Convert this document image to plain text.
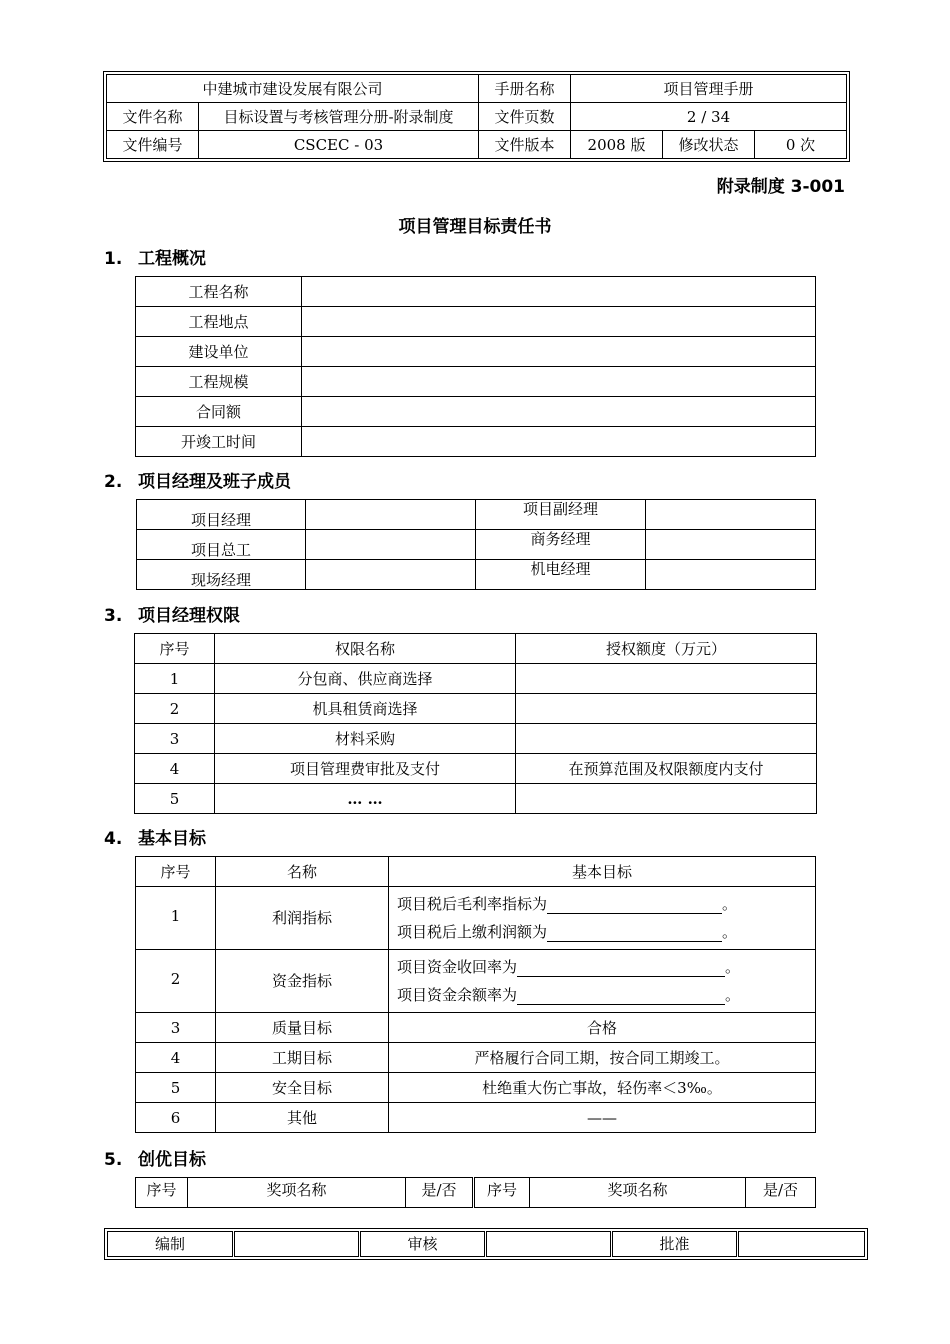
中建城市建设发展有限公司		手册名称	项目管理手册		
文件名称	目标设置与考核管理分册-附录制度	文件页数	2 / 34		
文件编号	CSCEC - 03	文件版本	2008 版	修改状态	0 次
附录制度 3-001
项目管理目标责任书
1. 工程概况
工程名称	
工程地点	
建设单位	
工程规模	
合同额	
开竣工时间	
2. 项目经理及班子成员
项目经理		项目副经理	
项目总工		商务经理	
现场经理		机电经理	
3. 项目经理权限
序号	权限名称	授权额度（万元）
1	分包商、供应商选择	
2	机具租赁商选择	
3	材料采购	
4	项目管理费审批及支付	在预算范围及权限额度内支付
5	… …	
4. 基本目标
序号	名称	基本目标
1	利润指标	项目税后毛利率指标为 。
项目税后上缴利润额为 。

2	资金指标	项目资金收回率为 。
项目资金余额率为 。

3	质量目标	合格
4	工期目标	严格履行合同工期，按合同工期竣工。
5	安全目标	杜绝重大伤亡事故，轻伤率＜3‰。
6	其他	——
5. 创优目标
序号	奖项名称	是/否	序号	奖项名称	是/否
编制		审核		批准	
